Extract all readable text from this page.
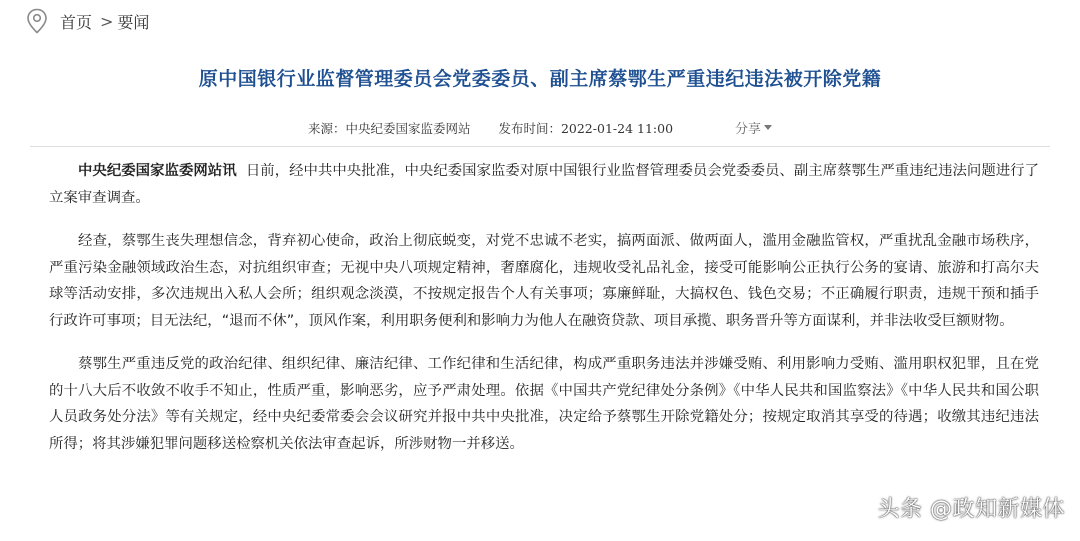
首页 > 要闻
原中国银行业监督管理委员会党委委员、副主席蔡鄂生严重违纪违法被开除党籍
来源：中央纪委国家监委网站 发布时间：2022-01-24 11:00	分享

中央纪委国家监委网站讯 日前，经中共中央批准，中央纪委国家监委对原中国银行业监督管理委员会党委委员、副主席蔡鄂生严重违纪违法问题进行了立案审查调查。

经查，蔡鄂生丧失理想信念，背弃初心使命，政治上彻底蜕变，对党不忠诚不老实，搞两面派、做两面人，滥用金融监管权，严重扰乱金融市场秩序，严重污染金融领域政治生态，对抗组织审查；无视中央八项规定精神，奢靡腐化，违规收受礼品礼金，接受可能影响公正执行公务的宴请、旅游和打高尔夫球等活动安排，多次违规出入私人会所；组织观念淡漠，不按规定报告个人有关事项；寡廉鲜耻，大搞权色、钱色交易；不正确履行职责，违规干预和插手行政许可事项；目无法纪，“退而不休”，顶风作案，利用职务便利和影响力为他人在融资贷款、项目承揽、职务晋升等方面谋利，并非法收受巨额财物。

蔡鄂生严重违反党的政治纪律、组织纪律、廉洁纪律、工作纪律和生活纪律，构成严重职务违法并涉嫌受贿、利用影响力受贿、滥用职权犯罪，且在党的十八大后不收敛不收手不知止，性质严重，影响恶劣，应予严肃处理。依据《中国共产党纪律处分条例》《中华人民共和国监察法》《中华人民共和国公职人员政务处分法》等有关规定，经中央纪委常委会会议研究并报中共中央批准，决定给予蔡鄂生开除党籍处分；按规定取消其享受的待遇；收缴其违纪违法所得；将其涉嫌犯罪问题移送检察机关依法审查起诉，所涉财物一并移送。

头条 @政知新媒体
